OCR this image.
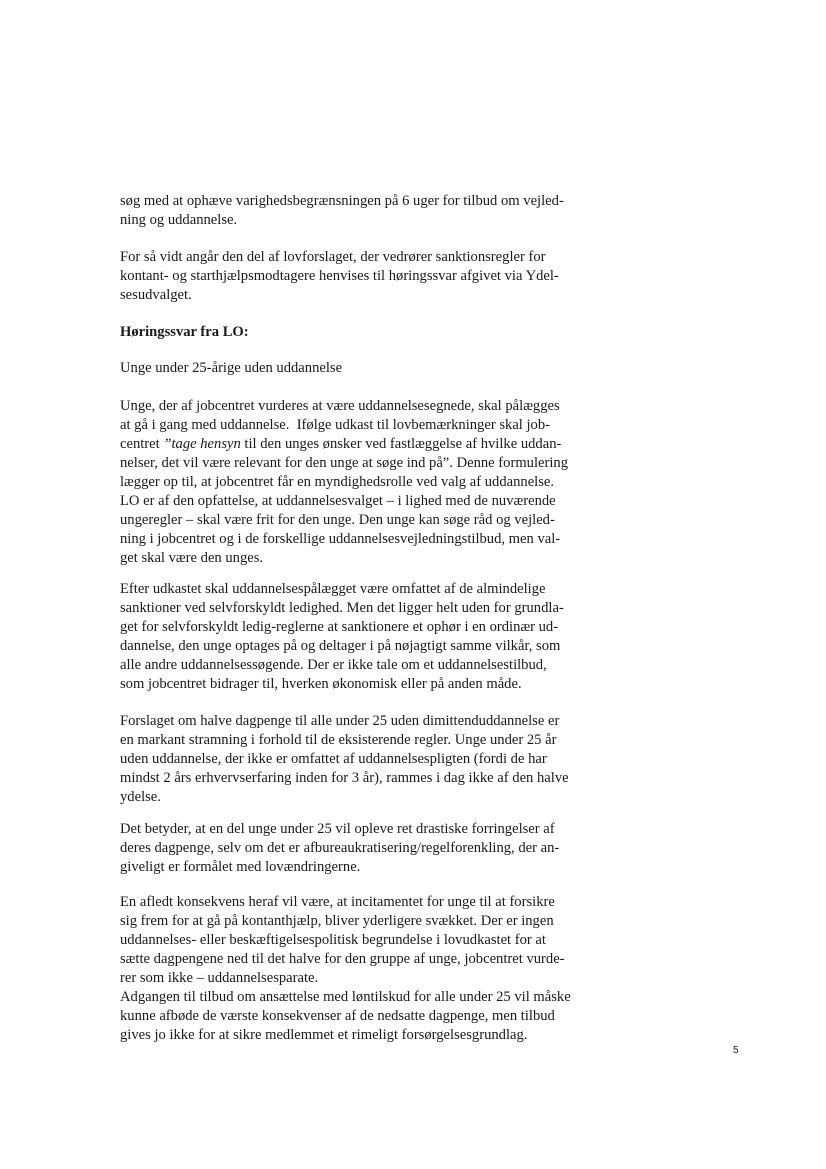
søg med at ophæve varighedsbegrænsningen på 6 uger for tilbud om vejled-
ning og uddannelse.
For så vidt angår den del af lovforslaget, der vedrører sanktionsregler for
kontant- og starthjælpsmodtagere henvises til høringssvar afgivet via Ydel-
sesudvalget.
Høringssvar fra LO:
Unge under 25-årige uden uddannelse
Unge, der af jobcentret vurderes at være uddannelsesegnede, skal pålægges
at gå i gang med uddannelse.  Ifølge udkast til lovbemærkninger skal job-
centret ”tage hensyn til den unges ønsker ved fastlæggelse af hvilke uddan-
nelser, det vil være relevant for den unge at søge ind på”. Denne formulering
lægger op til, at jobcentret får en myndighedsrolle ved valg af uddannelse.
LO er af den opfattelse, at uddannelsesvalget – i lighed med de nuværende
ungeregler – skal være frit for den unge. Den unge kan søge råd og vejled-
ning i jobcentret og i de forskellige uddannelsesvejledningstilbud, men val-
get skal være den unges.
Efter udkastet skal uddannelsespålægget være omfattet af de almindelige
sanktioner ved selvforskyldt ledighed. Men det ligger helt uden for grundla-
get for selvforskyldt ledig-reglerne at sanktionere et ophør i en ordinær ud-
dannelse, den unge optages på og deltager i på nøjagtigt samme vilkår, som
alle andre uddannelsessøgende. Der er ikke tale om et uddannelsestilbud,
som jobcentret bidrager til, hverken økonomisk eller på anden måde.
Forslaget om halve dagpenge til alle under 25 uden dimittenduddannelse er
en markant stramning i forhold til de eksisterende regler. Unge under 25 år
uden uddannelse, der ikke er omfattet af uddannelsespligten (fordi de har
mindst 2 års erhvervserfaring inden for 3 år), rammes i dag ikke af den halve
ydelse.
Det betyder, at en del unge under 25 vil opleve ret drastiske forringelser af
deres dagpenge, selv om det er afbureaukratisering/regelforenkling, der an-
giveligt er formålet med lovændringerne.
En afledt konsekvens heraf vil være, at incitamentet for unge til at forsikre
sig frem for at gå på kontanthjælp, bliver yderligere svækket. Der er ingen
uddannelses- eller beskæftigelsespolitisk begrundelse i lovudkastet for at
sætte dagpengene ned til det halve for den gruppe af unge, jobcentret vurde-
rer som ikke – uddannelsesparate.
Adgangen til tilbud om ansættelse med løntilskud for alle under 25 vil måske
kunne afbøde de værste konsekvenser af de nedsatte dagpenge, men tilbud
gives jo ikke for at sikre medlemmet et rimeligt forsørgelsesgrundlag.
5
